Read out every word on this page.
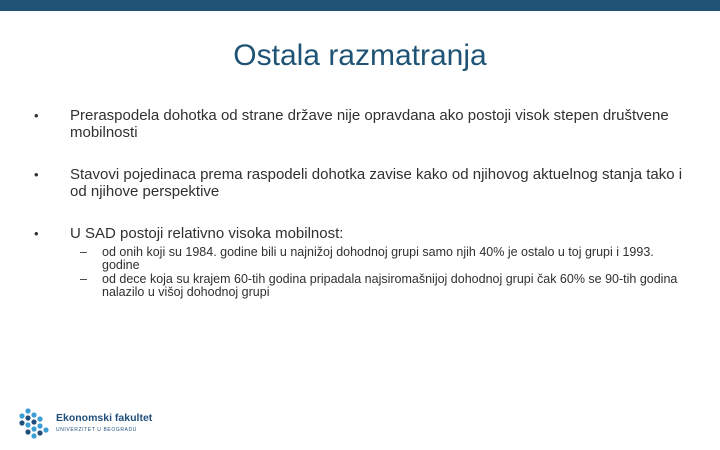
Ostala razmatranja
• Preraspodela dohotka od strane države nije opravdana ako postoji visok stepen društvene mobilnosti
• Stavovi pojedinaca prema raspodeli dohotka zavise kako od njihovog aktuelnog stanja tako i od njihove perspektive
• U SAD postoji relativno visoka mobilnost:
– od onih koji su 1984. godine bili u najnižoj dohodnoj grupi samo njih 40% je ostalo u toj grupi i 1993. godine
– od dece koja su krajem 60-tih godina pripadala najsiromašnijoj dohodnoj grupi čak 60% se 90-tih godina nalazilo u višoj dohodnoj grupi
Ekonomski fakultet
UNIVERZITET U BEOGRADU
